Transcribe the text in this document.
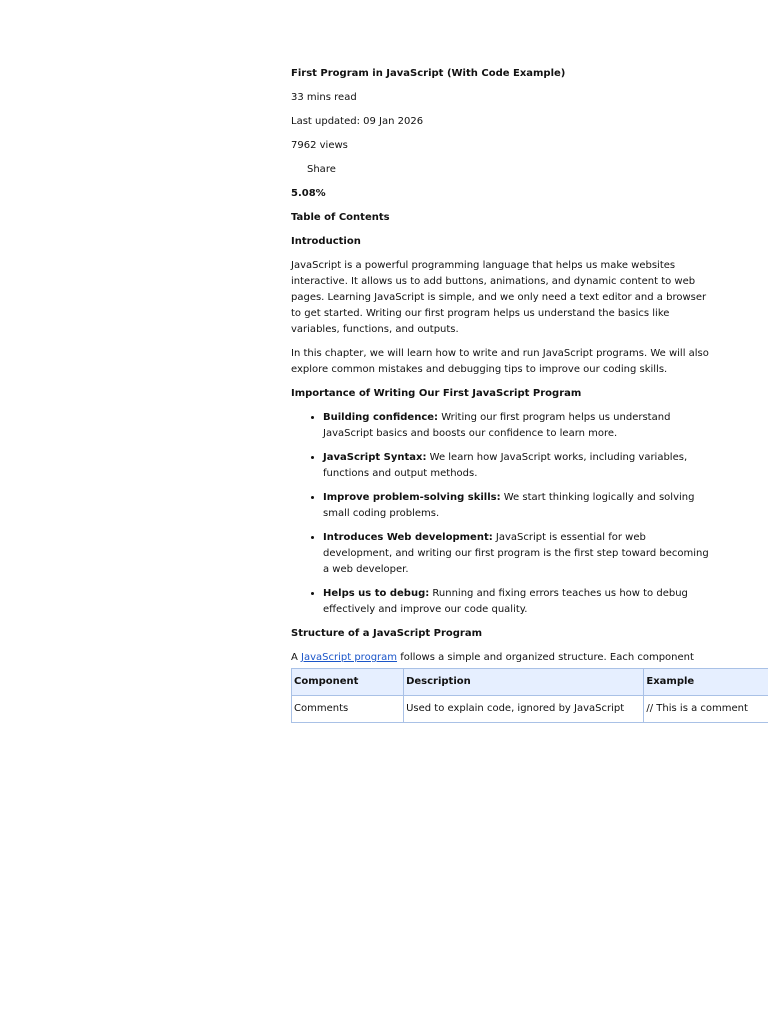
First Program in JavaScript (With Code Example)

33 mins read

Last updated: 09 Jan 2026

7962 views

Share

5.08%

Table of Contents

Introduction

JavaScript is a powerful programming language that helps us make websites interactive. It allows us to add buttons, animations, and dynamic content to web pages. Learning JavaScript is simple, and we only need a text editor and a browser to get started. Writing our first program helps us understand the basics like variables, functions, and outputs.

In this chapter, we will learn how to write and run JavaScript programs. We will also explore common mistakes and debugging tips to improve our coding skills.

Importance of Writing Our First JavaScript Program

• Building confidence: Writing our first program helps us understand JavaScript basics and boosts our confidence to learn more.
• JavaScript Syntax: We learn how JavaScript works, including variables, functions and output methods.
• Improve problem-solving skills: We start thinking logically and solving small coding problems.
• Introduces Web development: JavaScript is essential for web development, and writing our first program is the first step toward becoming a web developer.
• Helps us to debug: Running and fixing errors teaches us how to debug effectively and improve our code quality.

Structure of a JavaScript Program

A JavaScript program follows a simple and organized structure. Each component

Component	Description	Example
Comments	Used to explain code, ignored by JavaScript	// This is a comment
